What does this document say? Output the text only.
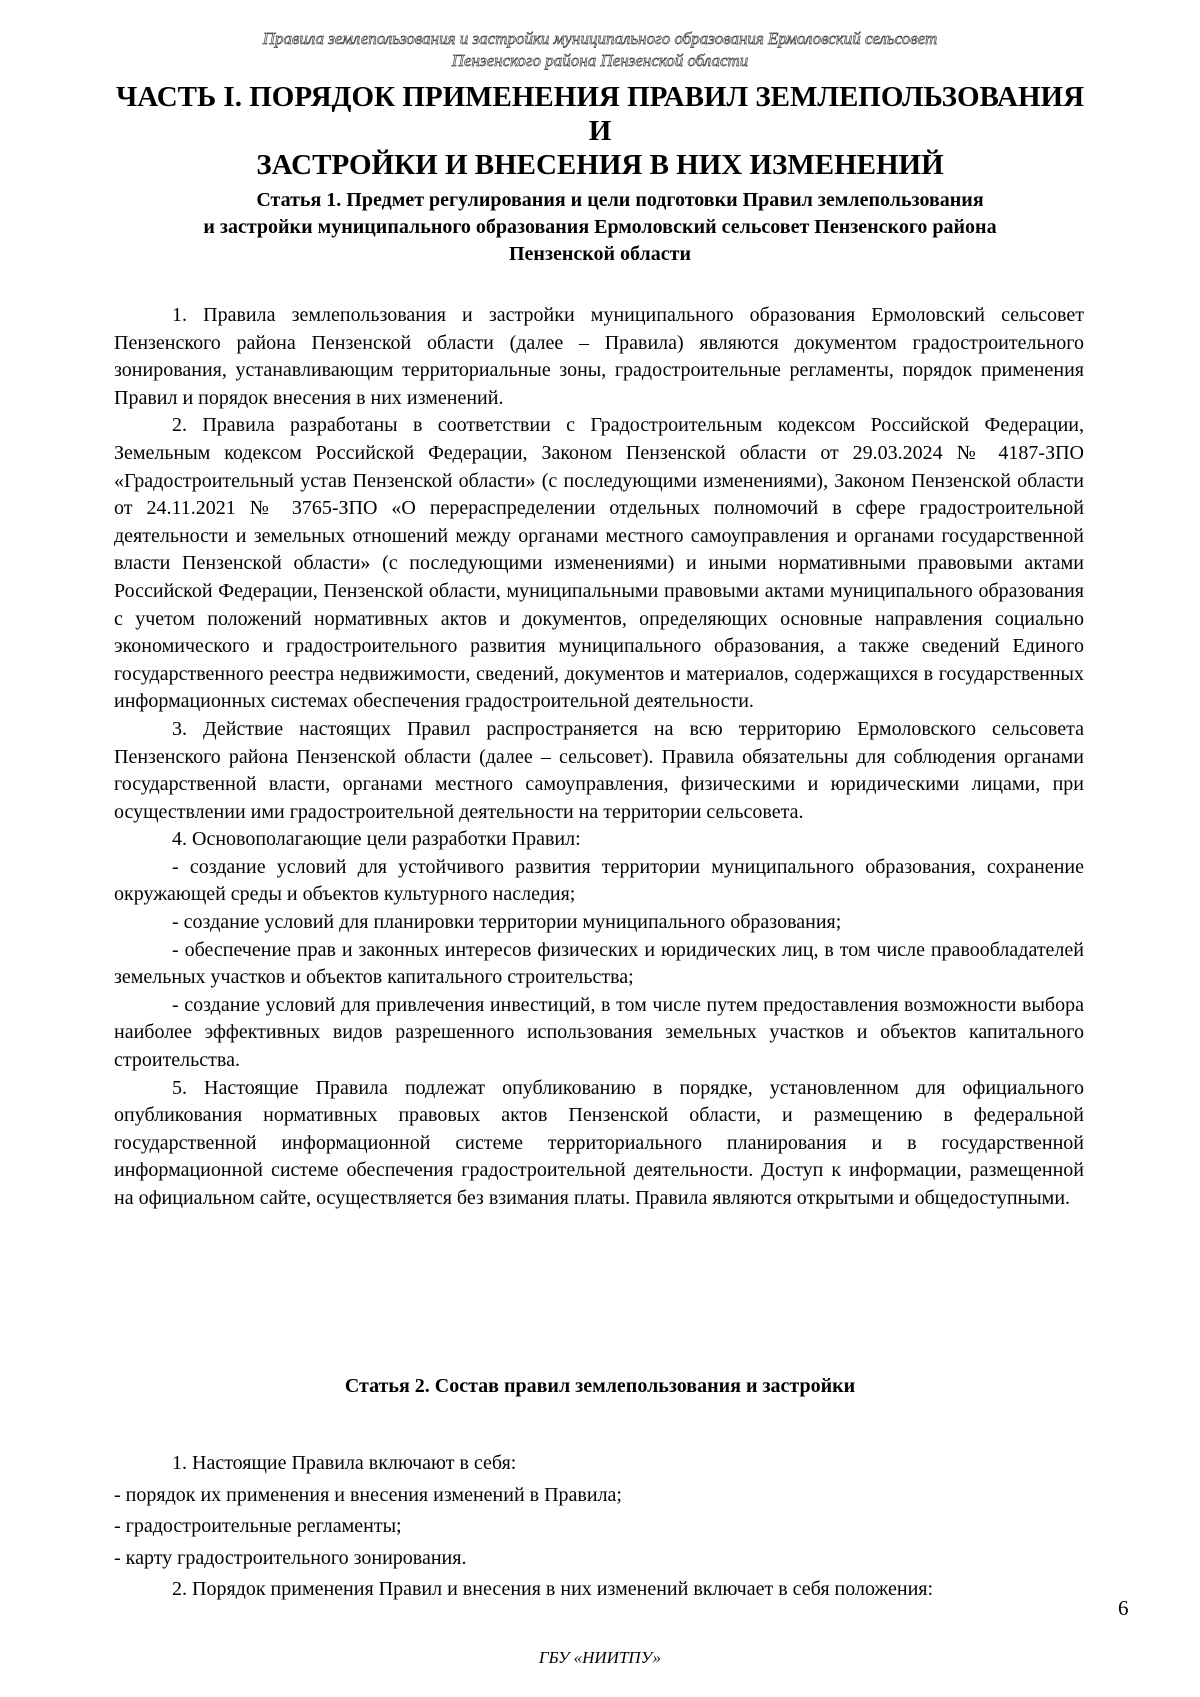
Правила землепользования и застройки муниципального образования Ермоловский сельсовет
Пензенского района Пензенской области
ЧАСТЬ I. ПОРЯДОК ПРИМЕНЕНИЯ ПРАВИЛ ЗЕМЛЕПОЛЬЗОВАНИЯ И
ЗАСТРОЙКИ И ВНЕСЕНИЯ В НИХ ИЗМЕНЕНИЙ
Статья 1. Предмет регулирования и цели подготовки Правил землепользования
и застройки муниципального образования Ермоловский сельсовет Пензенского района
Пензенской области

1. Правила землепользования и застройки муниципального образования Ермоловский сельсовет Пензенского района Пензенской области (далее – Правила) являются документом градостроительного зонирования, устанавливающим территориальные зоны, градостроительные регламенты, порядок применения Правил и порядок внесения в них изменений.

2. Правила разработаны в соответствии с Градостроительным кодексом Российской Федерации, Земельным кодексом Российской Федерации, Законом Пензенской области от 29.03.2024 № 4187-ЗПО «Градостроительный устав Пензенской области» (с последующими изменениями), Законом Пензенской области от 24.11.2021 № 3765-ЗПО «О перераспределении отдельных полномочий в сфере градостроительной деятельности и земельных отношений между органами местного самоуправления и органами государственной власти Пензенской области» (с последующими изменениями) и иными нормативными правовыми актами Российской Федерации, Пензенской области, муниципальными правовыми актами муниципального образования с учетом положений нормативных актов и документов, определяющих основные направления социально экономического и градостроительного развития муниципального образования, а также сведений Единого государственного реестра недвижимости, сведений, документов и материалов, содержащихся в государственных информационных системах обеспечения градостроительной деятельности.

3. Действие настоящих Правил распространяется на всю территорию Ермоловского сельсовета Пензенского района Пензенской области (далее – сельсовет). Правила обязательны для соблюдения органами государственной власти, органами местного самоуправления, физическими и юридическими лицами, при осуществлении ими градостроительной деятельности на территории сельсовета.

4. Основополагающие цели разработки Правил:

- создание условий для устойчивого развития территории муниципального образования, сохранение окружающей среды и объектов культурного наследия;

- создание условий для планировки территории муниципального образования;

- обеспечение прав и законных интересов физических и юридических лиц, в том числе правообладателей земельных участков и объектов капитального строительства;

- создание условий для привлечения инвестиций, в том числе путем предоставления возможности выбора наиболее эффективных видов разрешенного использования земельных участков и объектов капитального строительства.

5. Настоящие Правила подлежат опубликованию в порядке, установленном для официального опубликования нормативных правовых актов Пензенской области, и размещению в федеральной государственной информационной системе территориального планирования и в государственной информационной системе обеспечения градостроительной деятельности. Доступ к информации, размещенной на официальном сайте, осуществляется без взимания платы. Правила являются открытыми и общедоступными.

Статья 2. Состав правил землепользования и застройки

1. Настоящие Правила включают в себя:

- порядок их применения и внесения изменений в Правила;

- градостроительные регламенты;

- карту градостроительного зонирования.

2. Порядок применения Правил и внесения в них изменений включает в себя положения:

6
ГБУ «НИИТПУ»
